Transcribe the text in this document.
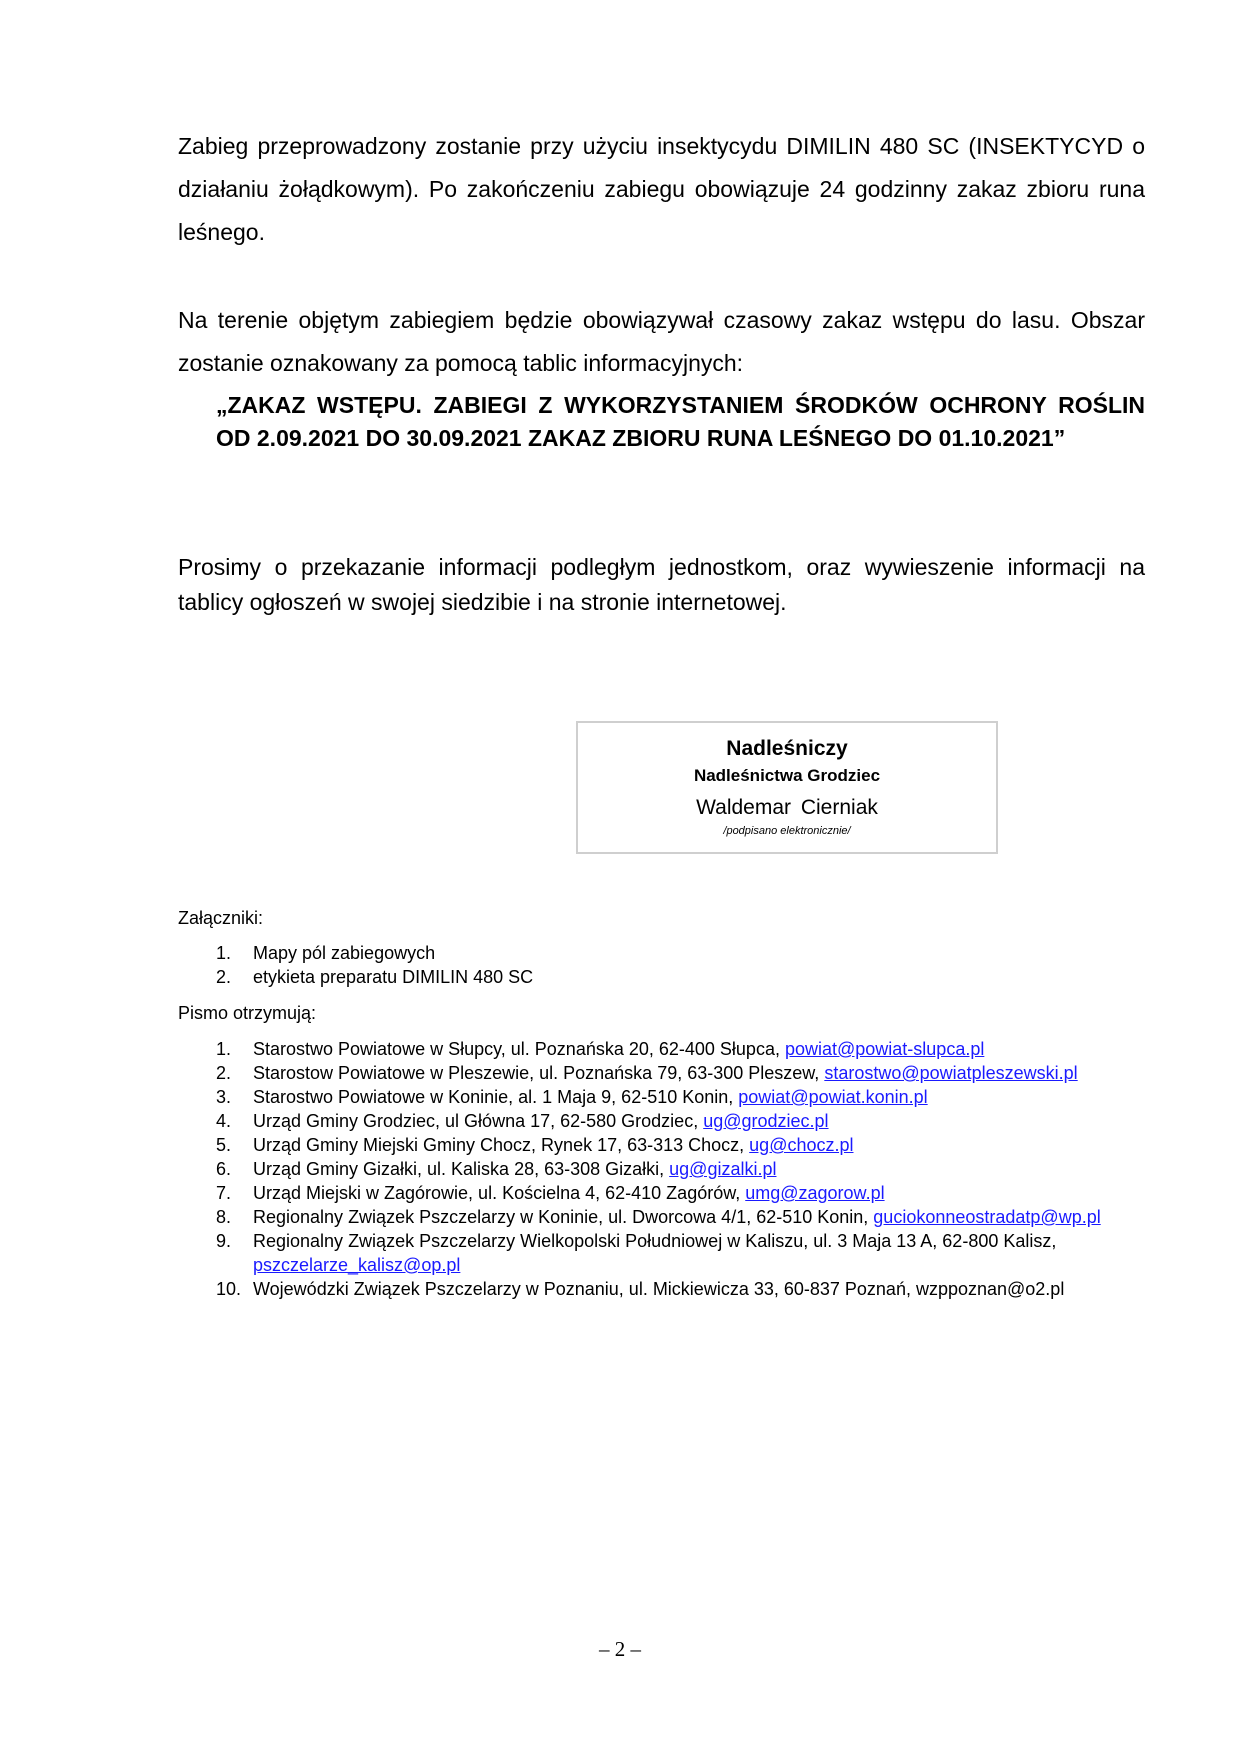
Zabieg przeprowadzony zostanie przy użyciu insektycydu DIMILIN 480 SC (INSEKTYCYD o działaniu żołądkowym). Po zakończeniu zabiegu obowiązuje 24 godzinny zakaz zbioru runa leśnego.

Na terenie objętym zabiegiem będzie obowiązywał czasowy zakaz wstępu do lasu. Obszar zostanie oznakowany za pomocą tablic informacyjnych:

„ZAKAZ WSTĘPU. ZABIEGI Z WYKORZYSTANIEM ŚRODKÓW OCHRONY ROŚLIN OD 2.09.2021 DO 30.09.2021 ZAKAZ ZBIORU RUNA LEŚNEGO DO 01.10.2021”

Prosimy o przekazanie informacji podległym jednostkom, oraz wywieszenie informacji na tablicy ogłoszeń w swojej siedzibie i na stronie internetowej.

Nadleśniczy
Nadleśnictwa Grodziec
Waldemar Cierniak
/podpisano elektronicznie/
Załączniki:
1. Mapy pól zabiegowych
2. etykieta preparatu DIMILIN 480 SC
Pismo otrzymują:
1. Starostwo Powiatowe w Słupcy, ul. Poznańska 20, 62-400 Słupca, powiat@powiat-slupca.pl
2. Starostow Powiatowe w Pleszewie, ul. Poznańska 79, 63-300 Pleszew, starostwo@powiatpleszewski.pl
3. Starostwo Powiatowe w Koninie, al. 1 Maja 9, 62-510 Konin, powiat@powiat.konin.pl
4. Urząd Gminy Grodziec, ul Główna 17, 62-580 Grodziec, ug@grodziec.pl
5. Urząd Gminy Miejski Gminy Chocz, Rynek 17, 63-313 Chocz, ug@chocz.pl
6. Urząd Gminy Gizałki, ul. Kaliska 28, 63-308 Gizałki, ug@gizalki.pl
7. Urząd Miejski w Zagórowie, ul. Kościelna 4, 62-410 Zagórów, umg@zagorow.pl
8. Regionalny Związek Pszczelarzy w Koninie, ul. Dworcowa 4/1, 62-510 Konin, guciokonneostradatp@wp.pl
9. Regionalny Związek Pszczelarzy Wielkopolski Południowej w Kaliszu, ul. 3 Maja 13 A, 62-800 Kalisz, pszczelarze_kalisz@op.pl
10. Wojewódzki Związek Pszczelarzy w Poznaniu, ul. Mickiewicza 33, 60-837 Poznań, wzppoznan@o2.pl
– 2 –
